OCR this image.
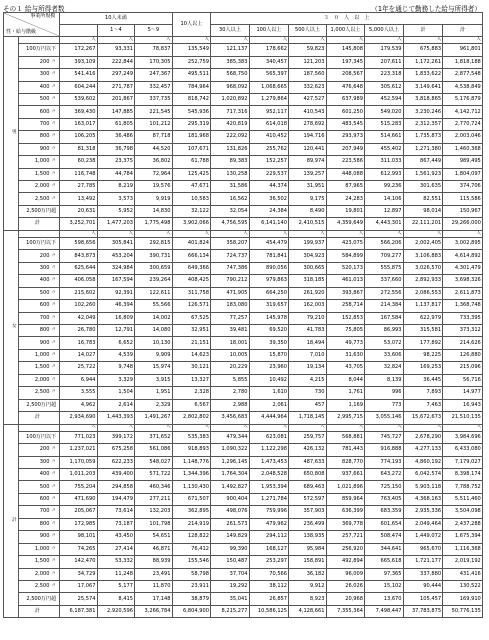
その１ 給与所得者数	（1年を通じて勤務した給与所得者）
事業所規模
性・給与階級		10人未満			10人以上	３　０　人　以　上						
						30人以上	100人以上	500人以上	1,000人以上	5,000人以上	計	計
			1～4	5～9								
男		人	人	人	人	人	人	人	人	人	人	人
	100万円以下	172,267	93,331	78,837	135,549	121,137	178,662	59,823	145,808	179,539	675,883	961,801
	200 〃	393,109	222,844	170,305	252,759	385,383	340,457	121,203	197,345	207,611	1,172,261	1,818,188
	300 〃	541,416	297,249	247,367	495,511	568,750	565,397	187,560	208,567	223,318	1,833,622	2,877,548
	400 〃	604,244	271,787	332,457	784,964	968,092	1,068,665	332,623	476,648	305,612	3,149,641	4,538,849
	500 〃	539,602	201,867	337,735	818,742	1,020,892	1,279,864	427,527	637,989	452,594	3,818,865	5,176,879
	600 〃	369,430	147,885	221,545	545,936	717,316	952,117	410,543	601,250	549,020	3,230,246	4,142,712
	700 〃	163,017	61,805	101,212	295,319	420,819	614,018	278,692	483,545	515,283	2,312,357	2,770,724
	800 〃	106,205	36,486	87,718	181,968	222,092	410,452	194,716	293,973	514,661	1,735,873	2,003,046
	900 〃	81,318	36,798	44,520	107,671	131,826	255,762	120,441	207,949	455,402	1,271,380	1,460,368
	1,000 〃	60,238	23,375	36,802	61,788	89,383	152,257	89,974	223,586	311,033	867,449	989,495
	1,500 〃	116,748	44,784	72,964	125,425	130,258	229,537	139,257	448,088	612,993	1,561,923	1,804,097
	2,000 〃	27,785	8,219	19,576	47,671	31,586	44,374	31,951	87,965	99,236	301,635	374,706
	2,500 〃	13,492	3,573	9,919	10,583	16,562	36,502	9,175	24,283	14,106	82,551	115,586
	2,500万円超	20,631	5,952	14,830	32,122	32,054	24,384	8,490	19,801	12,897	98,014	150,967
	計	3,252,701	1,477,203	1,775,498	3,902,066	4,756,595	6,141,140	2,410,515	4,359,649	4,443,301	22,111,201	29,266,000
女		人	人	人	人	人	人	人	人	人	人	人
	100万円以下	598,656	305,841	292,815	401,824	358,207	454,479	199,937	423,075	566,206	2,002,405	3,002,895
	200 〃	843,873	453,204	390,731	666,134	724,737	781,841	304,923	584,899	709,277	3,106,883	4,614,892
	300 〃	625,644	324,984	300,659	649,366	747,386	890,056	300,665	520,173	555,875	3,026,570	4,301,479
	400 〃	406,058	167,594	239,264	408,425	790,212	979,863	318,185	461,013	337,660	2,892,933	3,698,326
	500 〃	215,602	92,391	122,611	311,758	471,905	664,250	261,920	393,867	272,556	2,086,553	2,611,873
	600 〃	102,260	46,394	55,566	126,571	183,080	319,657	162,003	258,714	214,384	1,137,817	1,368,748
	700 〃	42,049	16,809	14,002	67,525	77,257	145,978	79,210	152,853	167,584	622,979	733,395
	800 〃	26,780	12,791	14,080	32,951	39,481	69,520	41,783	75,805	86,993	315,581	373,312
	900 〃	16,783	6,652	10,130	21,151	18,001	39,350	18,494	49,773	53,072	177,892	214,626
	1,000 〃	14,027	4,539	9,909	14,623	10,005	15,870	7,010	31,630	33,606	98,225	126,880
	1,500 〃	25,722	9,748	15,974	30,121	20,229	23,960	19,134	43,705	32,824	169,253	215,096
	2,000 〃	6,944	3,329	3,915	13,327	5,855	10,492	4,215	8,044	8,139	36,445	56,716
	2,500 〃	3,555	1,504	1,951	2,328	2,780	1,610	730	1,761	996	7,893	14,977
	2,500万円超	4,962	2,614	2,329	6,567	2,988	2,061	457	1,169	773	7,463	16,943
	計	2,934,690	1,443,393	1,491,267	2,802,802	3,456,683	4,444,964	1,718,145	2,995,715	3,055,146	15,672,673	21,510,135
計		人	人	人	人	人	人	人	人	人	人	人
	100万円以下	771,023	399,172	371,652	535,383	479,344	623,081	259,757	568,881	745,727	2,678,290	3,984,696
	200 〃	1,237,021	675,258	561,086	918,893	1,090,322	1,122,298	426,132	781,443	916,888	4,277,133	6,433,080
	300 〃	1,170,059	622,233	548,027	1,148,776	1,296,145	1,473,453	487,633	828,770	774,193	4,860,192	7,179,027
	400 〃	1,011,203	439,400	571,722	1,344,396	1,764,304	2,048,528	650,808	937,661	643,272	6,042,574	8,398,174
	500 〃	755,204	294,858	460,346	1,130,430	1,492,827	1,953,394	689,463	1,021,896	725,150	5,903,118	7,788,752
	600 〃	471,690	194,479	277,211	671,507	900,404	1,271,784	572,597	859,964	763,405	4,368,163	5,511,460
	700 〃	205,067	73,614	132,203	362,895	498,076	759,996	357,903	636,399	683,359	2,935,336	3,504,098
	800 〃	172,985	73,187	101,798	214,919	261,573	479,962	236,499	369,778	601,654	2,049,464	2,437,288
	900 〃	98,101	43,450	54,651	128,822	149,829	294,112	138,935	257,721	508,474	1,449,072	1,675,394
	1,000 〃	74,265	27,414	46,871	76,412	99,390	168,127	95,984	256,920	344,641	965,670	1,116,368
	1,500 〃	142,470	53,332	88,939	155,546	150,487	253,297	158,891	492,894	665,618	1,721,177	2,019,192
	2,000 〃	34,729	11,248	23,491	58,798	37,704	70,566	36,182	96,009	97,365	337,880	431,416
	2,500 〃	17,067	5,177	11,870	23,911	19,292	38,112	9,912	26,026	15,102	90,444	130,522
	2,500万円超	25,574	8,415	17,148	38,879	35,041	26,857	8,923	20,968	13,670	105,457	169,910
	計	6,187,381	2,920,596	3,266,784	6,804,900	8,215,277	10,586,125	4,128,661	7,355,364	7,498,447	37,783,875	50,776,135
